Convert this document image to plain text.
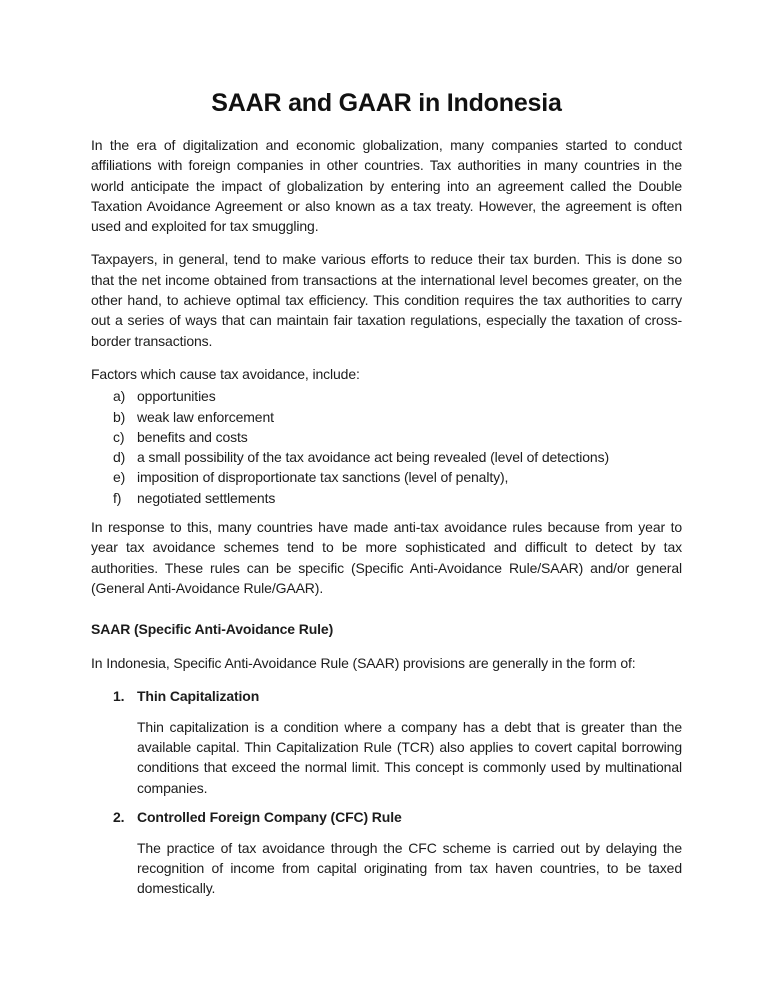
SAAR and GAAR in Indonesia

In the era of digitalization and economic globalization, many companies started to conduct affiliations with foreign companies in other countries. Tax authorities in many countries in the world anticipate the impact of globalization by entering into an agreement called the Double Taxation Avoidance Agreement or also known as a tax treaty. However, the agreement is often used and exploited for tax smuggling.

Taxpayers, in general, tend to make various efforts to reduce their tax burden. This is done so that the net income obtained from transactions at the international level becomes greater, on the other hand, to achieve optimal tax efficiency. This condition requires the tax authorities to carry out a series of ways that can maintain fair taxation regulations, especially the taxation of cross-border transactions.

Factors which cause tax avoidance, include:

a) opportunities
b) weak law enforcement
c) benefits and costs
d) a small possibility of the tax avoidance act being revealed (level of detections)
e) imposition of disproportionate tax sanctions (level of penalty),
f)	negotiated settlements

In response to this, many countries have made anti-tax avoidance rules because from year to year tax avoidance schemes tend to be more sophisticated and difficult to detect by tax authorities. These rules can be specific (Specific Anti-Avoidance Rule/SAAR) and/or general (General Anti-Avoidance Rule/GAAR).

SAAR (Specific Anti-Avoidance Rule)

In Indonesia, Specific Anti-Avoidance Rule (SAAR) provisions are generally in the form of:

1. Thin Capitalization

Thin capitalization is a condition where a company has a debt that is greater than the available capital. Thin Capitalization Rule (TCR) also applies to covert capital borrowing conditions that exceed the normal limit. This concept is commonly used by multinational companies.

2. Controlled Foreign Company (CFC) Rule

The practice of tax avoidance through the CFC scheme is carried out by delaying the recognition of income from capital originating from tax haven countries, to be taxed domestically.
